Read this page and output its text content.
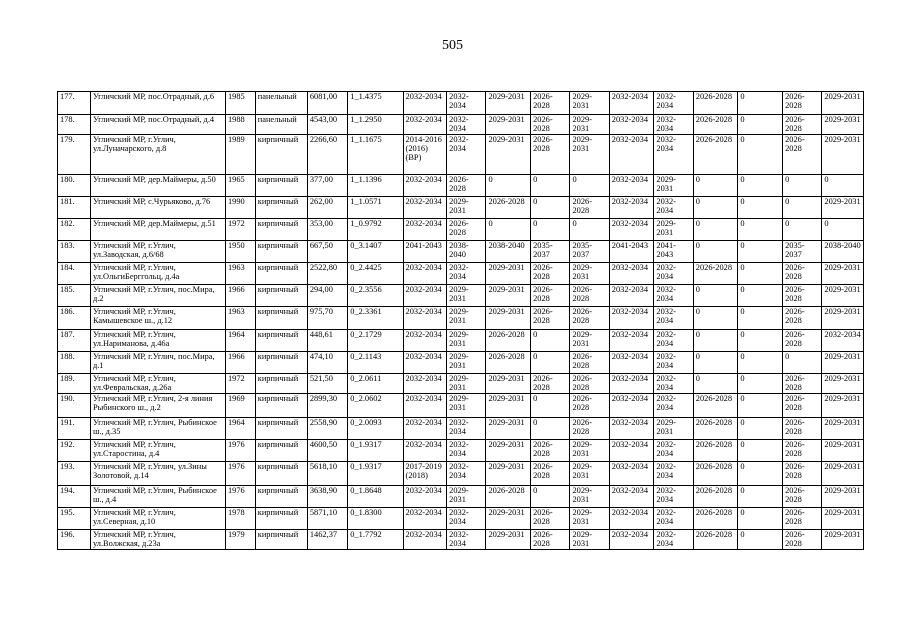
505
177.	Угличский МР, пос.Отрадный, д.6	1985	панельный	6081,00	1_1.4375	2032-2034	2032-2034	2029-2031	2026-2028	2029-2031	2032-2034	2032-2034	2026-2028	0	2026-2028	2029-2031
178.	Угличский МР, пос.Отрадный, д.4	1988	панельный	4543,00	1_1.2950	2032-2034	2032-2034	2029-2031	2026-2028	2029-2031	2032-2034	2032-2034	2026-2028	0	2026-2028	2029-2031
179.	Угличский МР, г.Углич, ул.Луначарского, д.8	1989	кирпичный	2266,60	1_1.1675	2014-2016 (2016) (ВР)	2032-2034	2029-2031	2026-2028	2029-2031	2032-2034	2032-2034	2026-2028	0	2026-2028	2029-2031
180.	Угличский МР, дер.Маймеры, д.50	1965	кирпичный	377,00	1_1.1396	2032-2034	2026-2028	0	0	0	2032-2034	2029-2031	0	0	0	0
181.	Угличский МР, с.Чурьяково, д.76	1990	кирпичный	262,00	1_1.0571	2032-2034	2029-2031	2026-2028	0	2026-2028	2032-2034	2032-2034	0	0	0	2029-2031
182.	Угличский МР, дер.Маймеры, д.51	1972	кирпичный	353,00	1_0.9792	2032-2034	2026-2028	0	0	0	2032-2034	2029-2031	0	0	0	0
183.	Угличский МР, г.Углич, ул.Заводская, д.6/68	1950	кирпичный	667,50	0_3.1407	2041-2043	2038-2040	2038-2040	2035-2037	2035-2037	2041-2043	2041-2043	0	0	2035-2037	2038-2040
184.	Угличский МР, г.Углич, ул.ОльгиБерггольц, д.4а	1963	кирпичный	2522,80	0_2.4425	2032-2034	2032-2034	2029-2031	2026-2028	2029-2031	2032-2034	2032-2034	2026-2028	0	2026-2028	2029-2031
185.	Угличский МР, г.Углич, пос.Мира, д.2	1966	кирпичный	294,00	0_2.3556	2032-2034	2029-2031	2029-2031	2026-2028	2026-2028	2032-2034	2032-2034	0	0	2026-2028	2029-2031
186.	Угличский МР, г.Углич, Камышевское ш., д.12	1963	кирпичный	975,70	0_2.3361	2032-2034	2029-2031	2029-2031	2026-2028	2026-2028	2032-2034	2032-2034	0	0	2026-2028	2029-2031
187.	Угличский МР, г.Углич, ул.Нариманова, д.46а	1964	кирпичный	448,61	0_2.1729	2032-2034	2029-2031	2026-2028	0	2029-2031	2032-2034	2032-2034	0	0	2026-2028	2032-2034
188.	Угличский МР, г.Углич, пос.Мира, д.1	1966	кирпичный	474,10	0_2.1143	2032-2034	2029-2031	2026-2028	0	2026-2028	2032-2034	2032-2034	0	0	0	2029-2031
189.	Угличский МР, г.Углич, ул.Февральская, д.26а	1972	кирпичный	521,50	0_2.0611	2032-2034	2029-2031	2029-2031	2026-2028	2026-2028	2032-2034	2032-2034	0	0	2026-2028	2029-2031
190.	Угличский МР, г.Углич, 2-я линия Рыбинского ш., д.2	1969	кирпичный	2899,30	0_2.0602	2032-2034	2029-2031	2029-2031	0	2026-2028	2032-2034	2032-2034	2026-2028	0	2026-2028	2029-2031
191.	Угличский МР, г.Углич, Рыбинское ш., д.35	1964	кирпичный	2558,90	0_2.0093	2032-2034	2032-2034	2029-2031	0	2026-2028	2032-2034	2029-2031	2026-2028	0	2026-2028	2029-2031
192.	Угличский МР, г.Углич, ул.Старостина, д.4	1976	кирпичный	4600,50	0_1.9317	2032-2034	2032-2034	2029-2031	2026-2028	2029-2031	2032-2034	2032-2034	2026-2028	0	2026-2028	2029-2031
193.	Угличский МР, г.Углич, ул.Зины Золотовой, д.14	1976	кирпичный	5618,10	0_1.9317	2017-2019 (2018)	2032-2034	2029-2031	2026-2028	2029-2031	2032-2034	2032-2034	2026-2028	0	2026-2028	2029-2031
194.	Угличский МР, г.Углич, Рыбинское ш., д.4	1976	кирпичный	3638,90	0_1.8648	2032-2034	2029-2031	2026-2028	0	2029-2031	2032-2034	2032-2034	2026-2028	0	2026-2028	2029-2031
195.	Угличский МР, г.Углич, ул.Северная, д.10	1978	кирпичный	5871,10	0_1.8300	2032-2034	2032-2034	2029-2031	2026-2028	2029-2031	2032-2034	2032-2034	2026-2028	0	2026-2028	2029-2031
196.	Угличский МР, г.Углич, ул.Волжская, д.23а	1979	кирпичный	1462,37	0_1.7792	2032-2034	2032-2034	2029-2031	2026-2028	2029-2031	2032-2034	2032-2034	2026-2028	0	2026-2028	2029-2031
